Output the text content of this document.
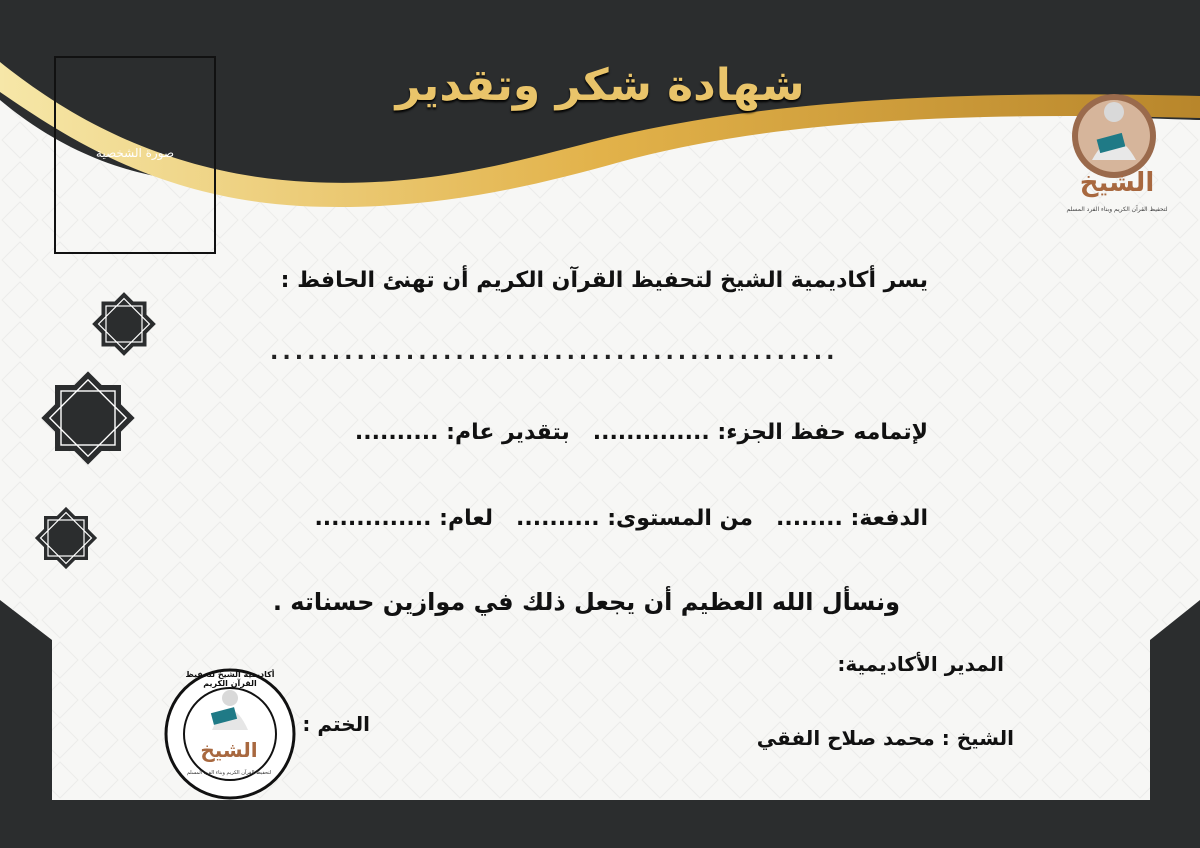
شهادة شكر وتقدير
صورة الشخصية
الشيخ
لتحفيظ القرآن الكريم وبناء الفرد المسلم
يسر أكاديمية الشيخ لتحفيظ القرآن الكريم أن تهنئ الحافظ :
..............................................
لإتمامه حفظ الجزء: ..............   بتقدير عام: ..........
الدفعة: ........   من المستوى: ..........   لعام: ..............
ونسأل الله العظيم أن يجعل ذلك في موازين حسناته .
المدير الأكاديمية:
الشيخ : محمد صلاح الفقي
الختم :
أكاديمية الشيخ لتحفيظ القرآن الكريم
الشيخ
لتحفيظ القرآن الكريم وبناء الفرد المسلم
